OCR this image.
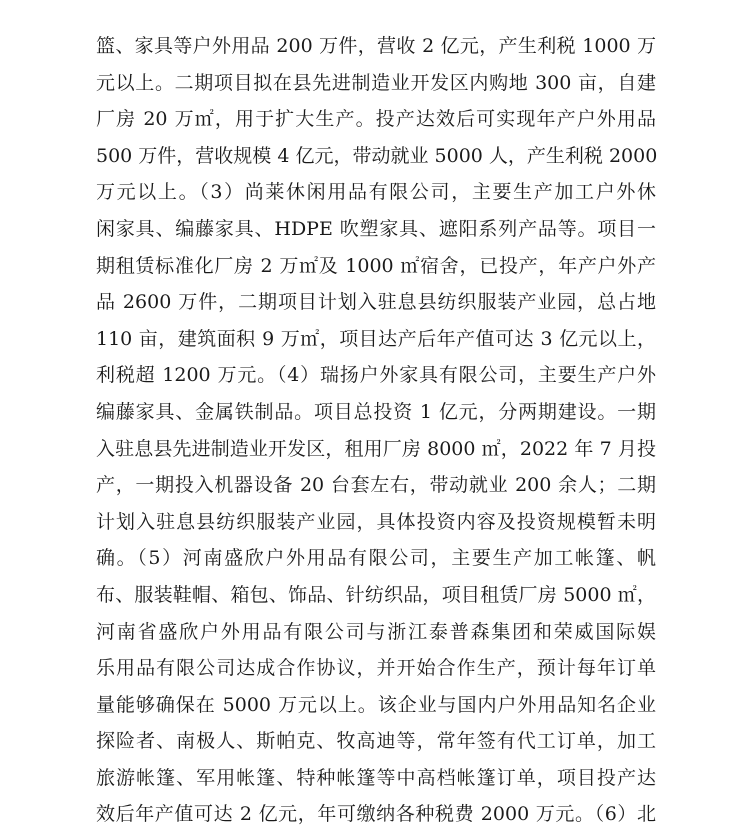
篮、家具等户外用品 200 万件，营收 2 亿元，产生利税 1000 万
元以上。二期项目拟在县先进制造业开发区内购地 300 亩，自建
厂房 20 万㎡，用于扩大生产。投产达效后可实现年产户外用品
500 万件，营收规模 4 亿元，带动就业 5000 人，产生利税 2000
万元以上。（3）尚莱休闲用品有限公司，主要生产加工户外休
闲家具、编藤家具、HDPE 吹塑家具、遮阳系列产品等。项目一
期租赁标准化厂房 2 万㎡及 1000 ㎡宿舍，已投产，年产户外产
品 2600 万件，二期项目计划入驻息县纺织服装产业园，总占地
110 亩，建筑面积 9 万㎡，项目达产后年产值可达 3 亿元以上，
利税超 1200 万元。（4）瑞扬户外家具有限公司，主要生产户外
编藤家具、金属铁制品。项目总投资 1 亿元，分两期建设。一期
入驻息县先进制造业开发区，租用厂房 8000 ㎡，2022 年 7 月投
产，一期投入机器设备 20 台套左右，带动就业 200 余人；二期
计划入驻息县纺织服装产业园，具体投资内容及投资规模暂未明
确。（5）河南盛欣户外用品有限公司，主要生产加工帐篷、帆
布、服装鞋帽、箱包、饰品、针纺织品，项目租赁厂房 5000 ㎡，
河南省盛欣户外用品有限公司与浙江泰普森集团和荣威国际娱
乐用品有限公司达成合作协议，并开始合作生产，预计每年订单
量能够确保在 5000 万元以上。该企业与国内户外用品知名企业
探险者、南极人、斯帕克、牧高迪等，常年签有代工订单，加工
旅游帐篷、军用帐篷、特种帐篷等中高档帐篷订单，项目投产达
效后年产值可达 2 亿元，年可缴纳各种税费 2000 万元。（6）北
